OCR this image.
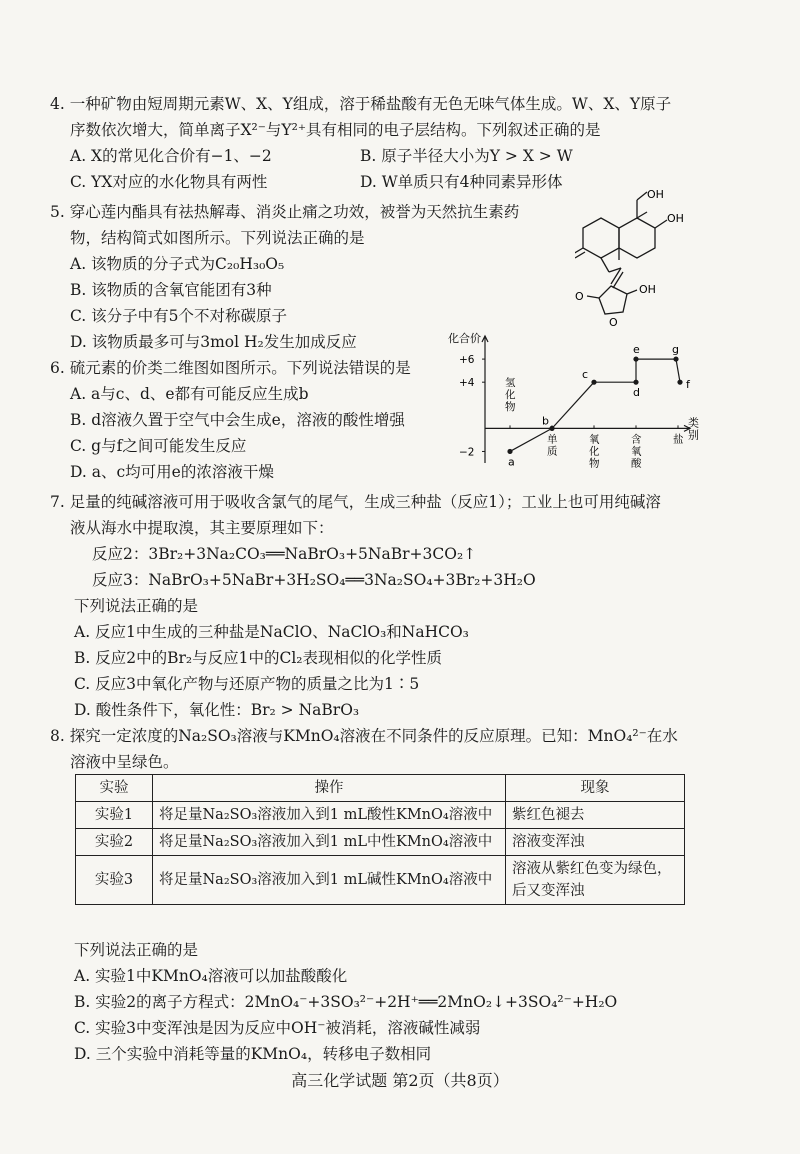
4. 一种矿物由短周期元素W、X、Y组成，溶于稀盐酸有无色无味气体生成。W、X、Y原子
序数依次增大，简单离子X²⁻与Y²⁺具有相同的电子层结构。下列叙述正确的是
A. X的常见化合价有−1、−2	B. 原子半径大小为Y > X > W
C. YX对应的水化物具有两性	D. W单质只有4种同素异形体
5. 穿心莲内酯具有祛热解毒、消炎止痛之功效，被誉为天然抗生素药
物，结构简式如图所示。下列说法正确的是
A. 该物质的分子式为C₂₀H₃₀O₅
B. 该物质的含氧官能团有3种
C. 该分子中有5个不对称碳原子
D. 该物质最多可与3mol H₂发生加成反应
OH
OH
O
O
OH
6. 硫元素的价类二维图如图所示。下列说法错误的是
A. a与c、d、e都有可能反应生成b
B. d溶液久置于空气中会生成e，溶液的酸性增强
C. g与f之间可能发生反应
D. a、c均可用e的浓溶液干燥
化合价
类
别
+6
+4
−2
氢
化
物
单
质
氧
化
物
含
氧
酸
盐
a
b
c
d
e
f
g
7. 足量的纯碱溶液可用于吸收含氯气的尾气，生成三种盐（反应1）；工业上也可用纯碱溶
液从海水中提取溴，其主要原理如下：
反应2：3Br₂+3Na₂CO₃══NaBrO₃+5NaBr+3CO₂↑
反应3：NaBrO₃+5NaBr+3H₂SO₄══3Na₂SO₄+3Br₂+3H₂O
下列说法正确的是
A. 反应1中生成的三种盐是NaClO、NaClO₃和NaHCO₃
B. 反应2中的Br₂与反应1中的Cl₂表现相似的化学性质
C. 反应3中氧化产物与还原产物的质量之比为1∶5
D. 酸性条件下，氧化性：Br₂ > NaBrO₃
8. 探究一定浓度的Na₂SO₃溶液与KMnO₄溶液在不同条件的反应原理。已知：MnO₄²⁻在水
溶液中呈绿色。
实验	操作	现象
实验1	将足量Na₂SO₃溶液加入到1 mL酸性KMnO₄溶液中	紫红色褪去
实验2	将足量Na₂SO₃溶液加入到1 mL中性KMnO₄溶液中	溶液变浑浊
实验3	将足量Na₂SO₃溶液加入到1 mL碱性KMnO₄溶液中	溶液从紫红色变为绿色，后又变浑浊
下列说法正确的是
A. 实验1中KMnO₄溶液可以加盐酸酸化
B. 实验2的离子方程式：2MnO₄⁻+3SO₃²⁻+2H⁺══2MnO₂↓+3SO₄²⁻+H₂O
C. 实验3中变浑浊是因为反应中OH⁻被消耗，溶液碱性减弱
D. 三个实验中消耗等量的KMnO₄，转移电子数相同
高三化学试题 第2页（共8页）
